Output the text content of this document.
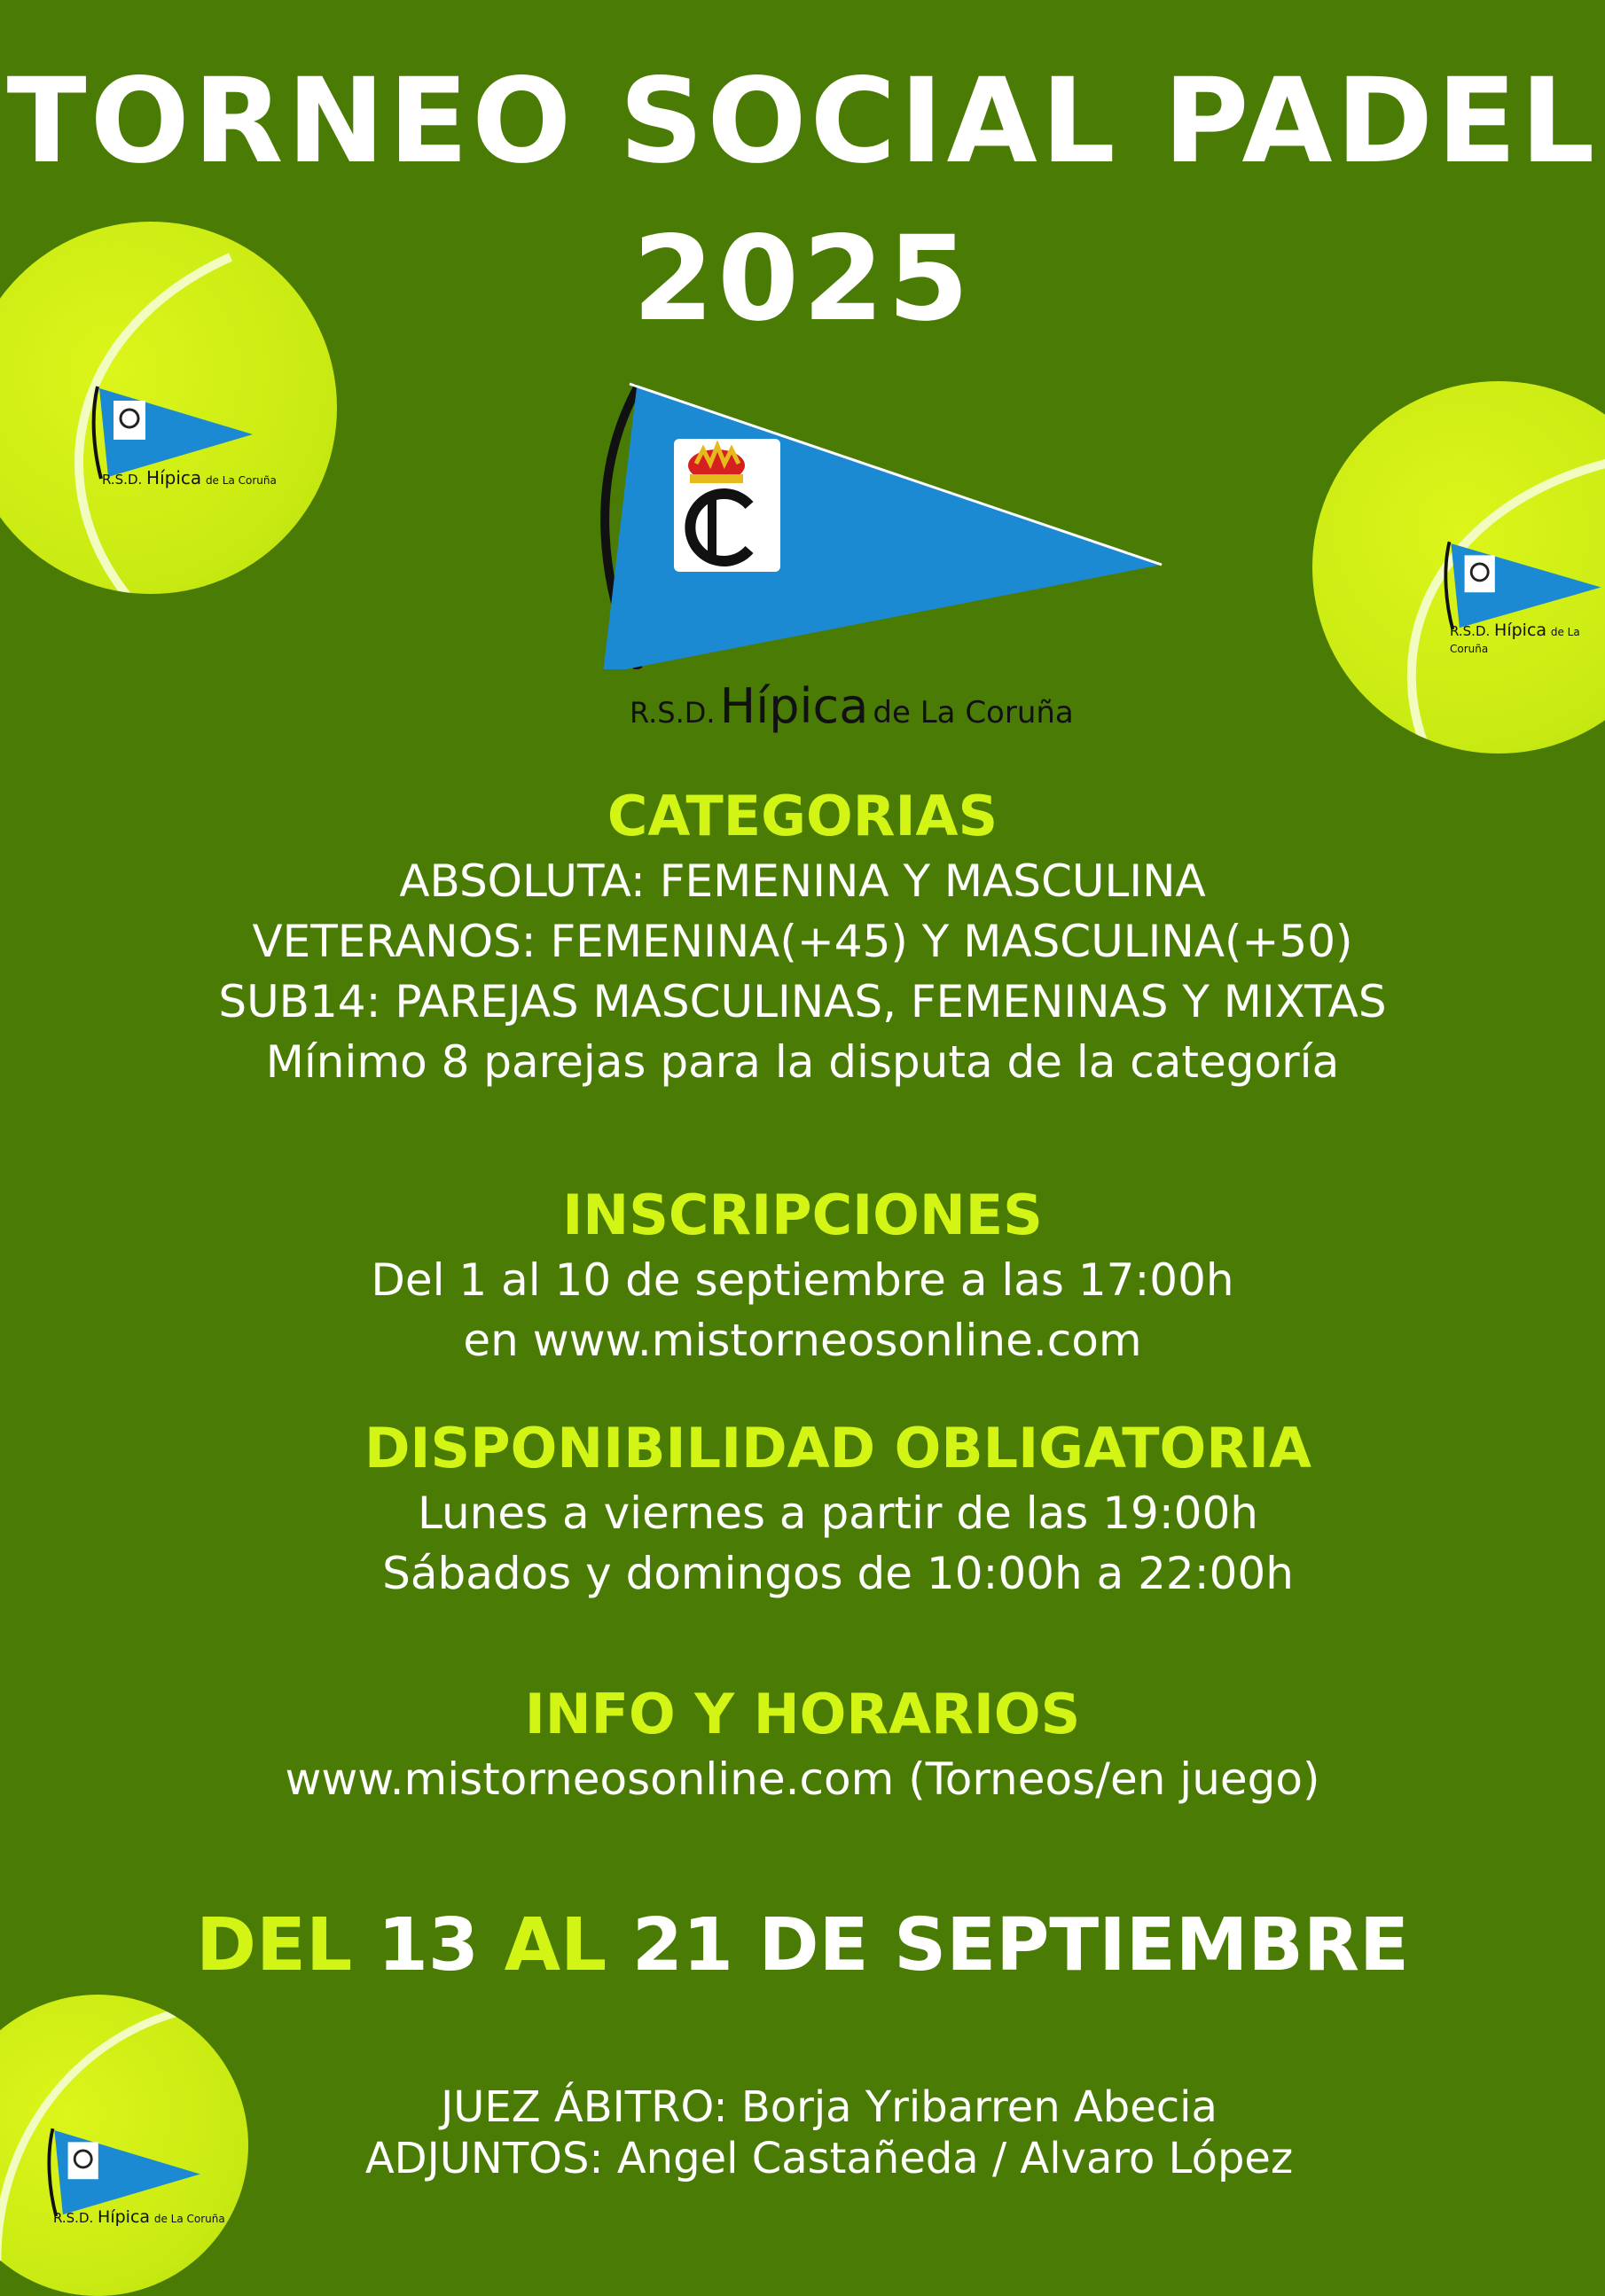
R.S.D. Hípica de La Coruña
R.S.D. Hípica de La Coruña
R.S.D. Hípica de La Coruña
TORNEO SOCIAL PADEL
2025
R.S.D. Hípica de La Coruña
CATEGORIAS
ABSOLUTA: FEMENINA Y MASCULINA
VETERANOS: FEMENINA(+45) Y MASCULINA(+50)
SUB14: PAREJAS MASCULINAS, FEMENINAS Y MIXTAS
Mínimo 8 parejas para la disputa de la categoría
INSCRIPCIONES
Del 1 al 10 de septiembre a las 17:00h
en www.mistorneosonline.com
DISPONIBILIDAD OBLIGATORIA
Lunes a viernes a partir de las 19:00h
Sábados y domingos de 10:00h a 22:00h
INFO Y HORARIOS
www.mistorneosonline.com (Torneos/en juego)
DEL 13 AL 21 DE SEPTIEMBRE
JUEZ ÁBITRO: Borja Yribarren Abecia
ADJUNTOS: Angel Castañeda / Alvaro López
